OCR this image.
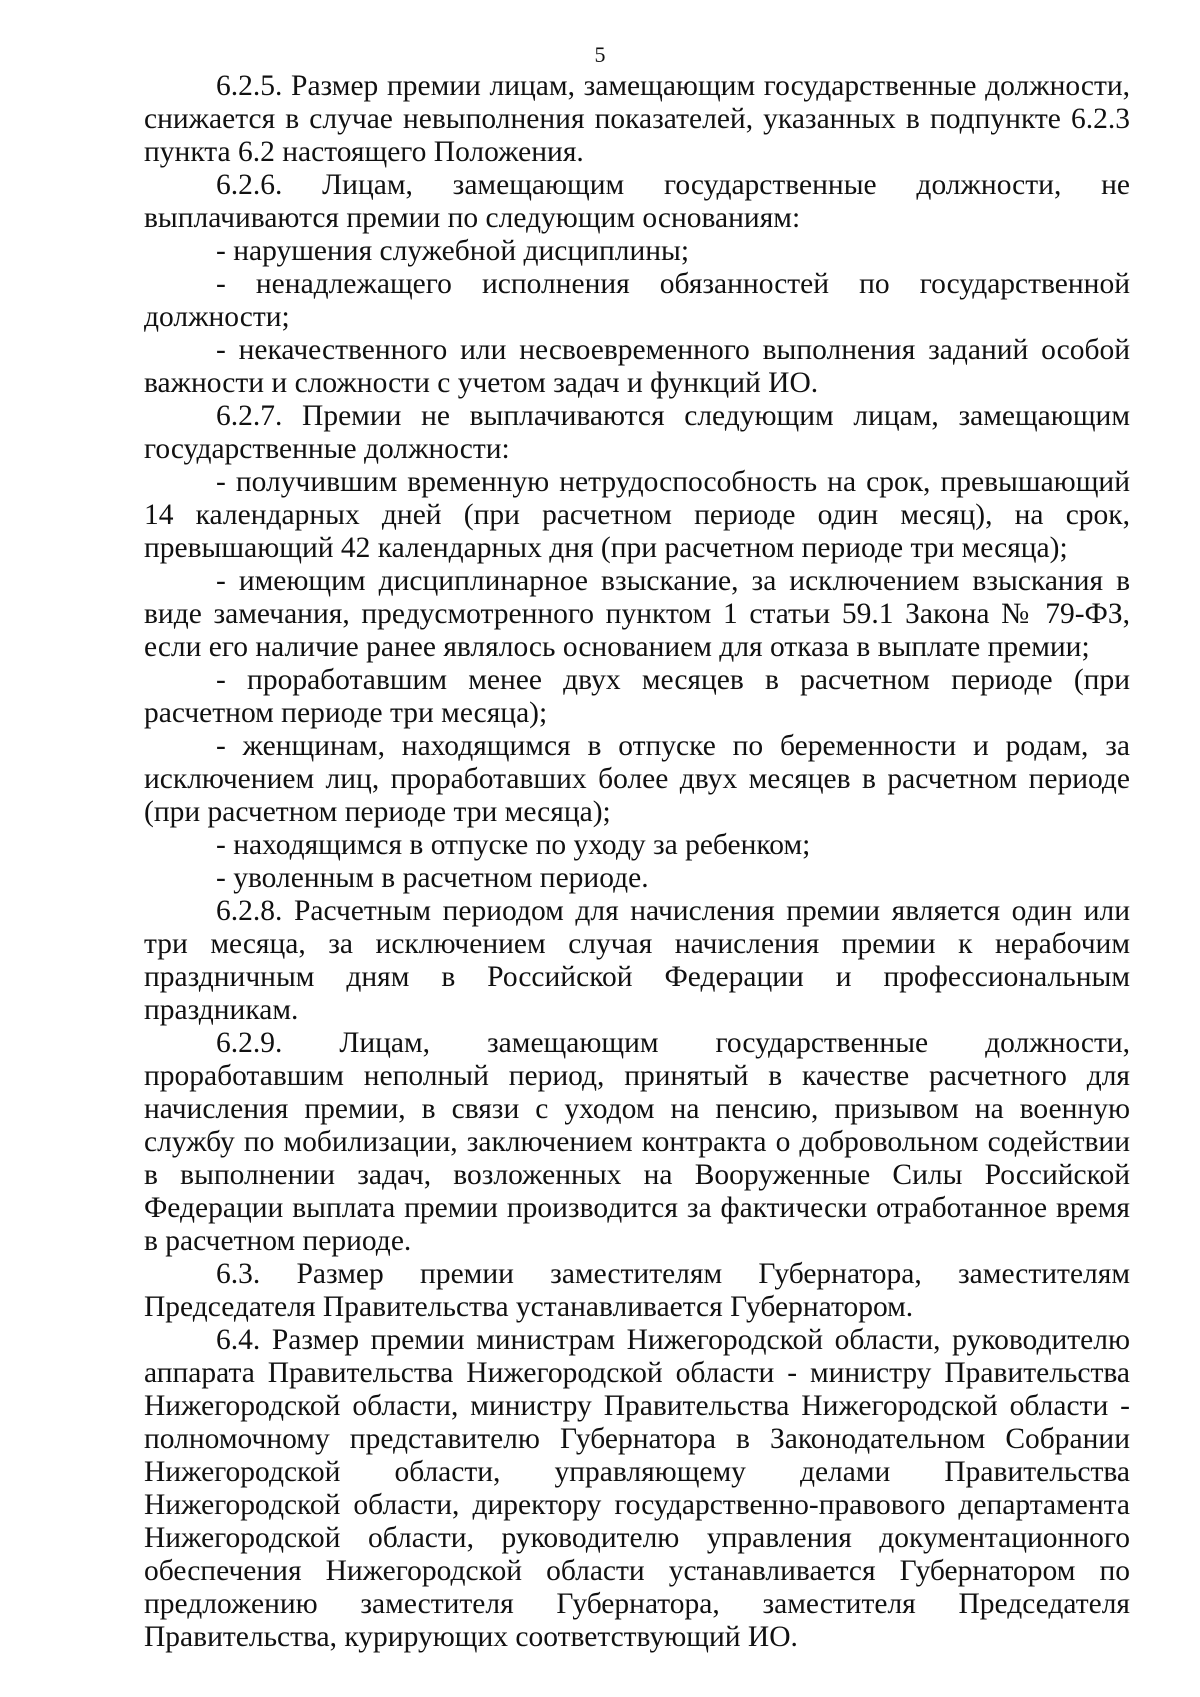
5

6.2.5. Размер премии лицам, замещающим государственные должности, снижается в случае невыполнения показателей, указанных в подпункте 6.2.3 пункта 6.2 настоящего Положения.

6.2.6. Лицам, замещающим государственные должности, не выплачиваются премии по следующим основаниям:

- нарушения служебной дисциплины;

- ненадлежащего исполнения обязанностей по государственной должности;

- некачественного или несвоевременного выполнения заданий особой важности и сложности с учетом задач и функций ИО.

6.2.7. Премии не выплачиваются следующим лицам, замещающим государственные должности:

- получившим временную нетрудоспособность на срок, превышающий 14 календарных дней (при расчетном периоде один месяц), на срок, превышающий 42 календарных дня (при расчетном периоде три месяца);

- имеющим дисциплинарное взыскание, за исключением взыскания в виде замечания, предусмотренного пунктом 1 статьи 59.1 Закона № 79-ФЗ, если его наличие ранее являлось основанием для отказа в выплате премии;

- проработавшим менее двух месяцев в расчетном периоде (при расчетном периоде три месяца);

- женщинам, находящимся в отпуске по беременности и родам, за исключением лиц, проработавших более двух месяцев в расчетном периоде (при расчетном периоде три месяца);

- находящимся в отпуске по уходу за ребенком;

- уволенным в расчетном периоде.

6.2.8. Расчетным периодом для начисления премии является один или три месяца, за исключением случая начисления премии к нерабочим праздничным дням в Российской Федерации и профессиональным праздникам.

6.2.9. Лицам, замещающим государственные должности, проработавшим неполный период, принятый в качестве расчетного для начисления премии, в связи с уходом на пенсию, призывом на военную службу по мобилизации, заключением контракта о добровольном содействии в выполнении задач, возложенных на Вооруженные Силы Российской Федерации выплата премии производится за фактически отработанное время в расчетном периоде.

6.3. Размер премии заместителям Губернатора, заместителям Председателя Правительства устанавливается Губернатором.

6.4. Размер премии министрам Нижегородской области, руководителю аппарата Правительства Нижегородской области - министру Правительства Нижегородской области, министру Правительства Нижегородской области - полномочному представителю Губернатора в Законодательном Собрании Нижегородской области, управляющему делами Правительства Нижегородской области, директору государственно-правового департамента Нижегородской области, руководителю управления документационного обеспечения Нижегородской области устанавливается Губернатором по предложению заместителя Губернатора, заместителя Председателя Правительства, курирующих соответствующий ИО.
